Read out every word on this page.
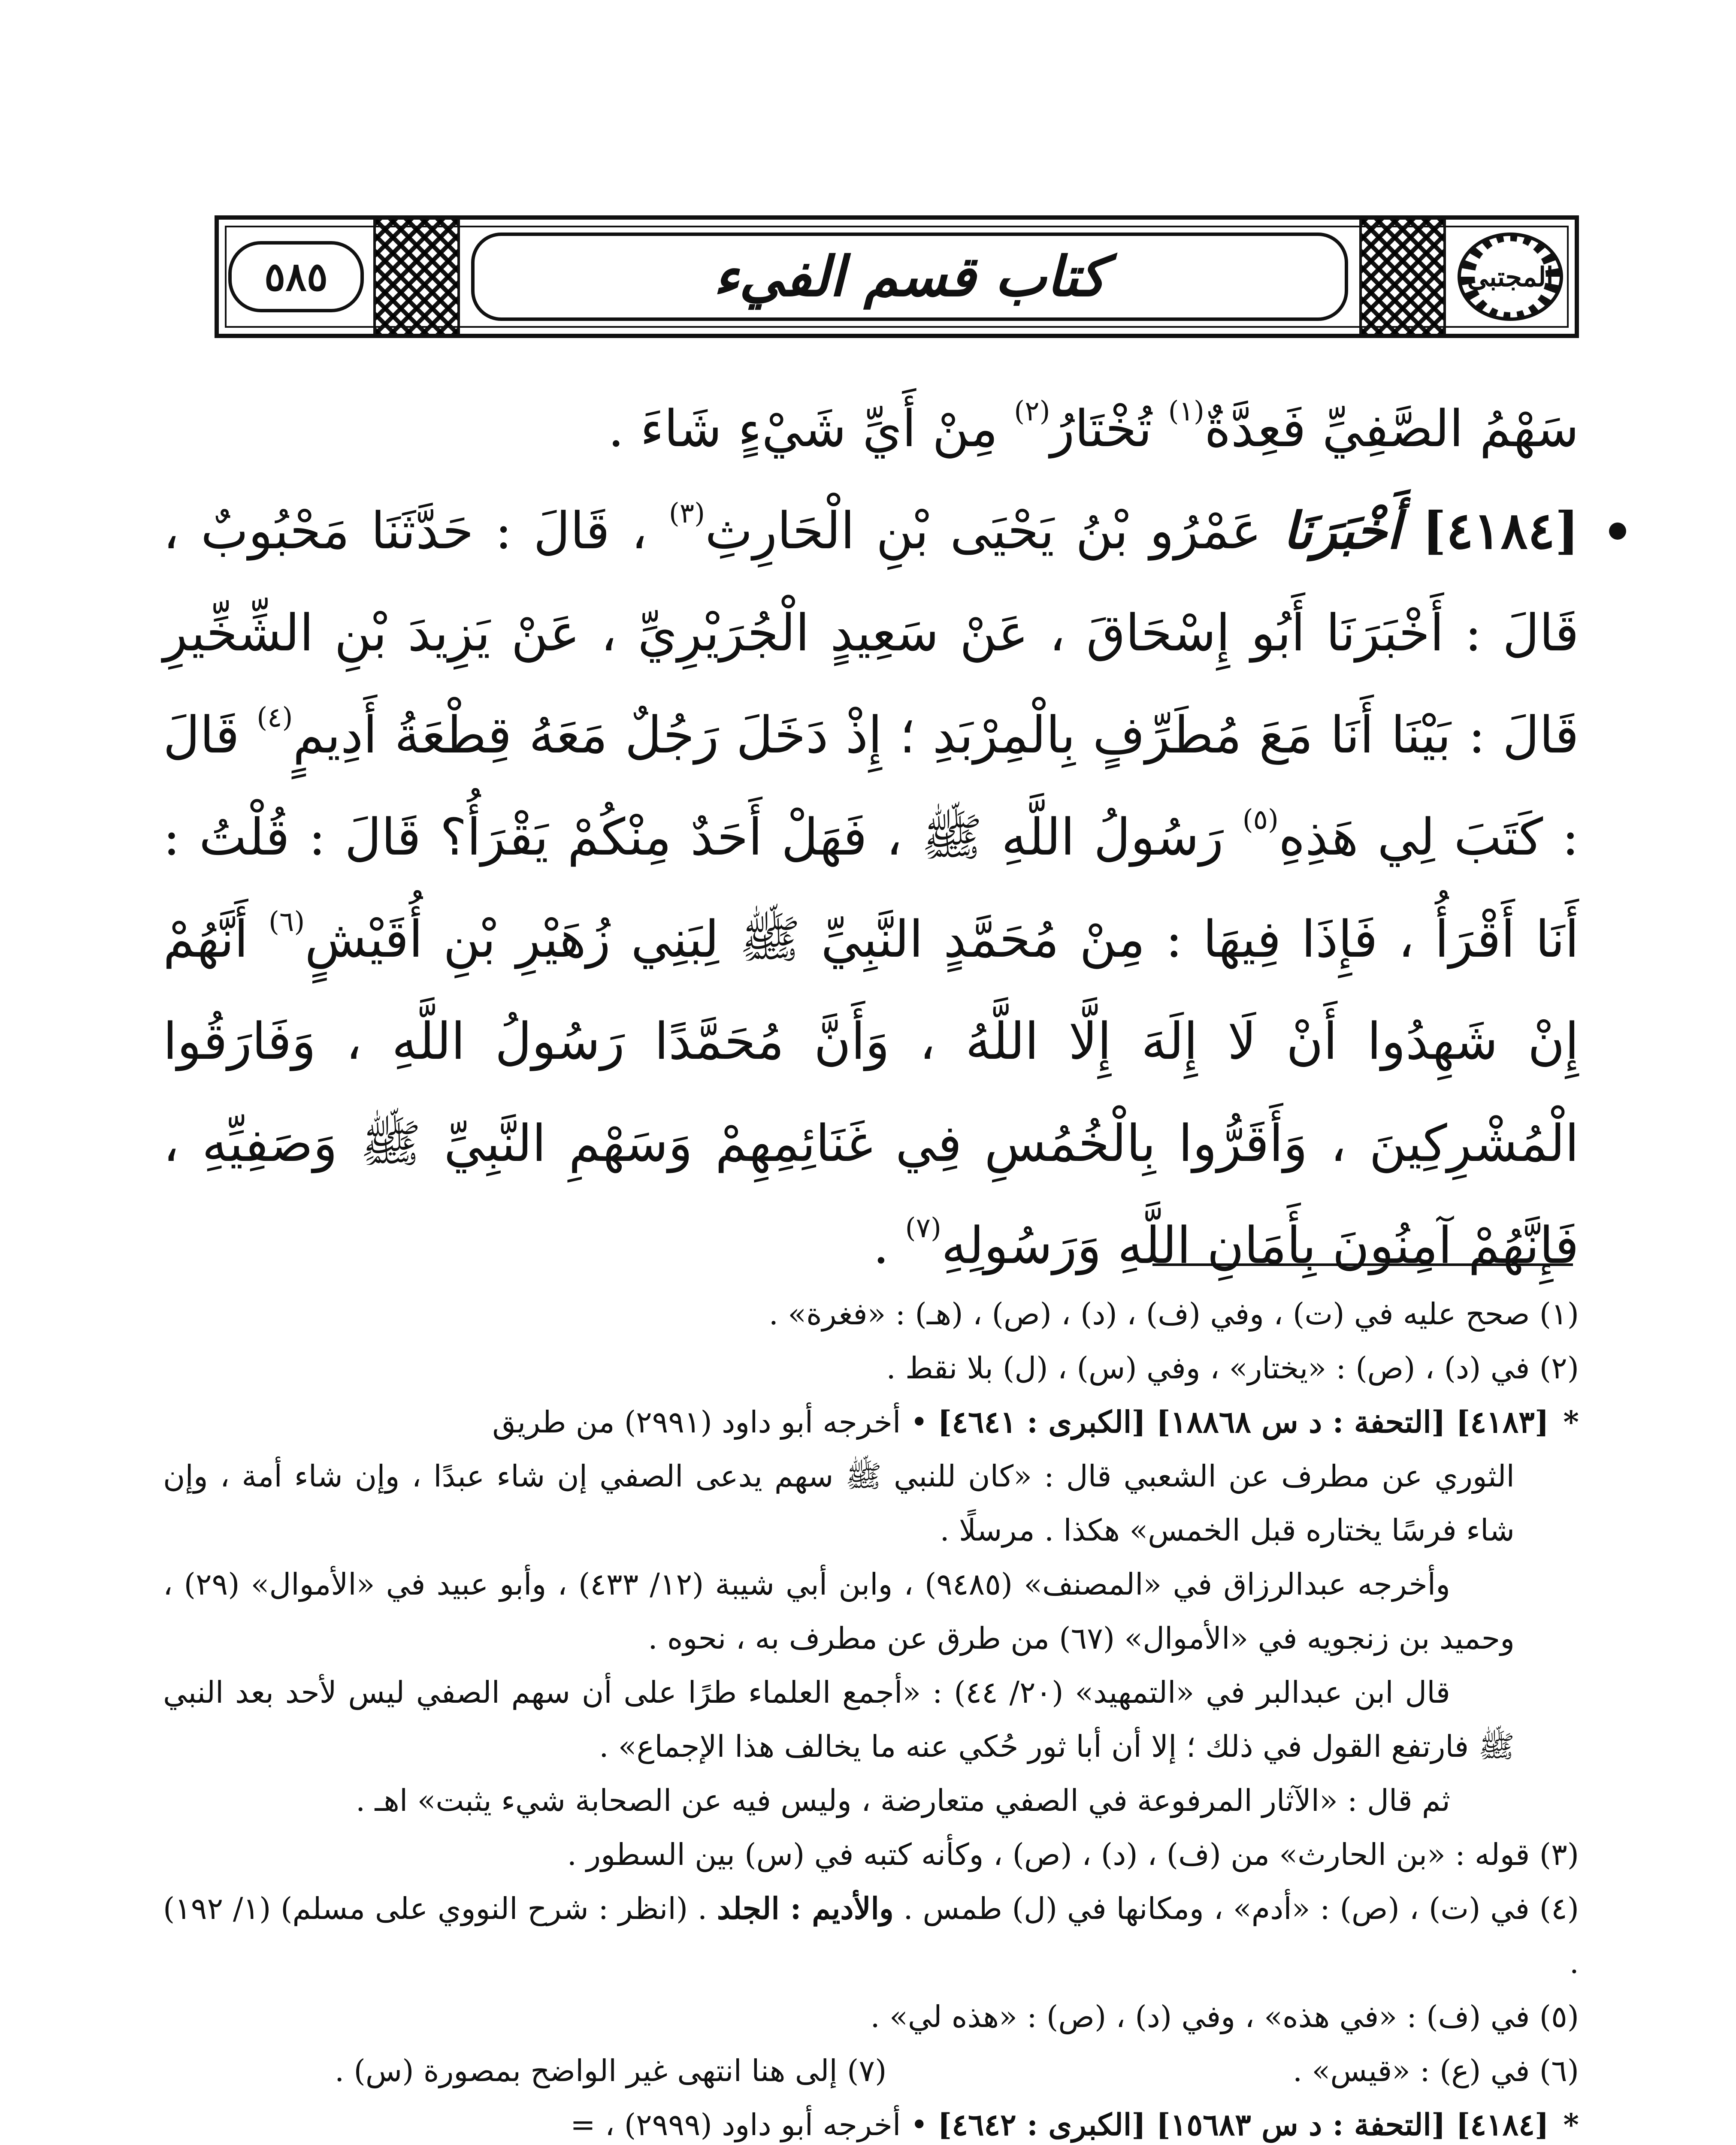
المجتبى
كتاب قسم الفيء
٥٨٥

سَهْمُ الصَّفِيِّ فَعِدَّةٌ$^{(١)}$ تُخْتَارُ$^{(٢)}$ مِنْ أَيِّ شَيْءٍ شَاءَ .

[٤١٨٤] أَخْبَرَنَا عَمْرُو بْنُ يَحْيَى بْنِ الْحَارِثِ$^{(٣)}$ ، قَالَ : حَدَّثَنَا مَحْبُوبٌ ، قَالَ : أَخْبَرَنَا أَبُو إِسْحَاقَ ، عَنْ سَعِيدٍ الْجُرَيْرِيِّ ، عَنْ يَزِيدَ بْنِ الشِّخِّيرِ قَالَ : بَيْنَا أَنَا مَعَ مُطَرِّفٍ بِالْمِرْبَدِ ؛ إِذْ دَخَلَ رَجُلٌ مَعَهُ قِطْعَةُ أَدِيمٍ$^{(٤)}$ قَالَ : كَتَبَ لِي هَذِهِ$^{(٥)}$ رَسُولُ اللَّهِ ﷺ ، فَهَلْ أَحَدٌ مِنْكُمْ يَقْرَأُ؟ قَالَ : قُلْتُ : أَنَا أَقْرَأُ ، فَإِذَا فِيهَا : مِنْ مُحَمَّدٍ النَّبِيِّ ﷺ لِبَنِي زُهَيْرِ بْنِ أُقَيْشٍ$^{(٦)}$ أَنَّهُمْ إِنْ شَهِدُوا أَنْ لَا إِلَهَ إِلَّا اللَّهُ ، وَأَنَّ مُحَمَّدًا رَسُولُ اللَّهِ ، وَفَارَقُوا الْمُشْرِكِينَ ، وَأَقَرُّوا بِالْخُمُسِ فِي غَنَائِمِهِمْ وَسَهْمِ النَّبِيِّ ﷺ وَصَفِيِّهِ ، فَإِنَّهُمْ آمِنُونَ بِأَمَانِ اللَّهِ وَرَسُولِهِ$^{(٧)}$ .

(١) صحح عليه في (ت) ، وفي (ف) ، (د) ، (ص) ، (هـ) : «فغرة» .

(٢) في (د) ، (ص) : «يختار» ، وفي (س) ، (ل) بلا نقط .

*[٤١٨٣] [التحفة : د س ١٨٨٦٨] [الكبرى : ٤٦٤١] • أخرجه أبو داود (٢٩٩١) من طريق

الثوري عن مطرف عن الشعبي قال : «كان للنبي ﷺ سهم يدعى الصفي إن شاء عبدًا ، وإن شاء أمة ، وإن شاء فرسًا يختاره قبل الخمس» هكذا . مرسلًا .

وأخرجه عبدالرزاق في «المصنف» (٩٤٨٥) ، وابن أبي شيبة (١٢/ ٤٣٣) ، وأبو عبيد في «الأموال» (٢٩) ، وحميد بن زنجويه في «الأموال» (٦٧) من طرق عن مطرف به ، نحوه .

قال ابن عبدالبر في «التمهيد» (٢٠/ ٤٤) : «أجمع العلماء طرًا على أن سهم الصفي ليس لأحد بعد النبي ﷺ فارتفع القول في ذلك ؛ إلا أن أبا ثور حُكي عنه ما يخالف هذا الإجماع» .

ثم قال : «الآثار المرفوعة في الصفي متعارضة ، وليس فيه عن الصحابة شيء يثبت» اهـ .

(٣) قوله : «بن الحارث» من (ف) ، (د) ، (ص) ، وكأنه كتبه في (س) بين السطور .

(٤) في (ت) ، (ص) : «أدم» ، ومكانها في (ل) طمس . والأديم : الجلد . (انظر : شرح النووي على مسلم) (١/ ١٩٢) .

(٥) في (ف) : «في هذه» ، وفي (د) ، (ص) : «هذه لي» .

(٦) في (ع) : «قيس» .
(٧) إلى هنا انتهى غير الواضح بمصورة (س) .

*[٤١٨٤] [التحفة : د س ١٥٦٨٣] [الكبرى : ٤٦٤٢] • أخرجه أبو داود (٢٩٩٩) ، =
